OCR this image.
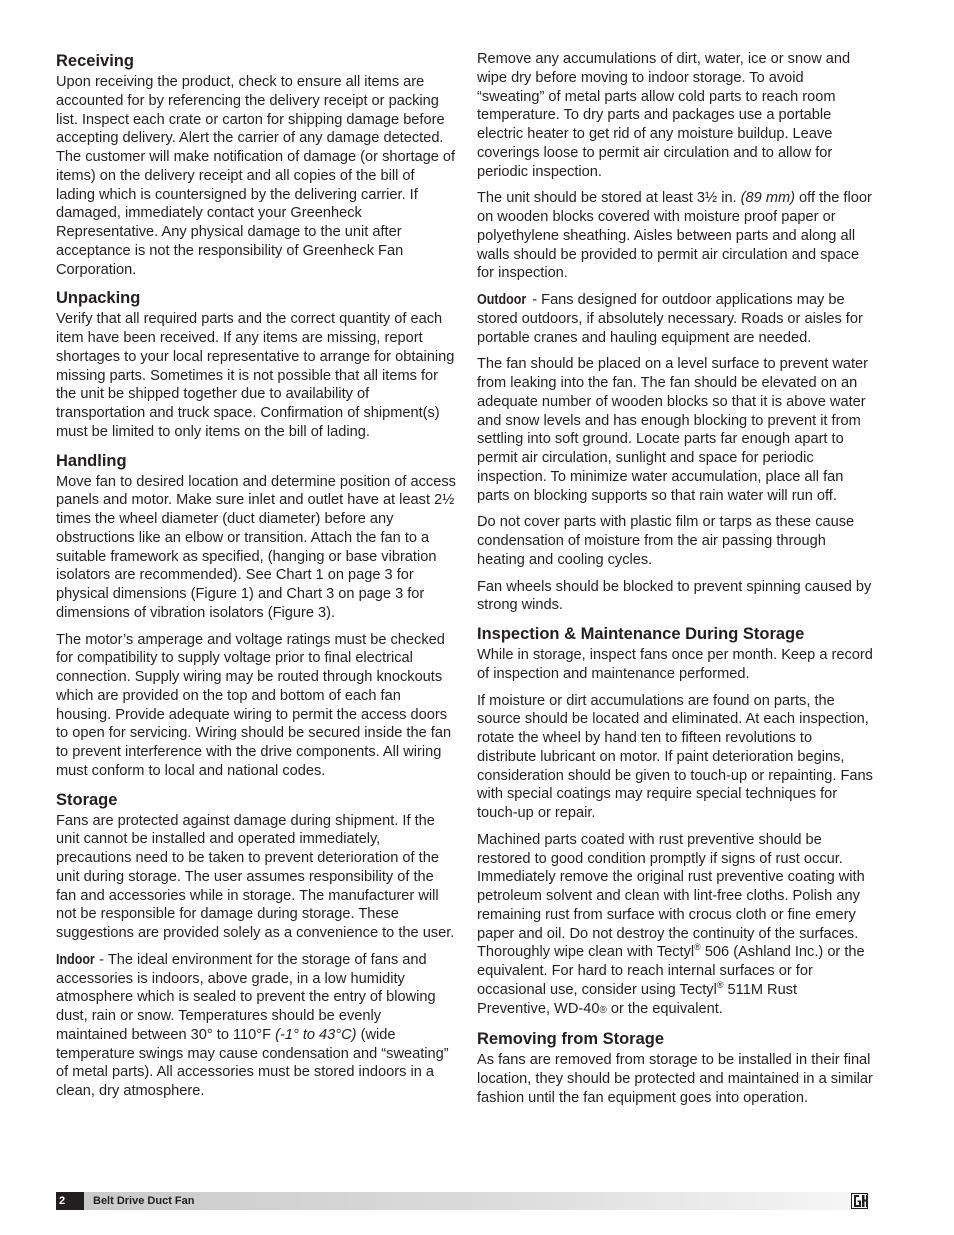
Receiving

Upon receiving the product, check to ensure all items are accounted for by referencing the delivery receipt or packing list. Inspect each crate or carton for shipping damage before accepting delivery. Alert the carrier of any damage detected. The customer will make notification of damage (or shortage of items) on the delivery receipt and all copies of the bill of lading which is countersigned by the delivering carrier. If damaged, immediately contact your Greenheck Representative. Any physical damage to the unit after acceptance is not the responsibility of Greenheck Fan Corporation.

Unpacking

Verify that all required parts and the correct quantity of each item have been received. If any items are missing, report shortages to your local representative to arrange for obtaining missing parts. Sometimes it is not possible that all items for the unit be shipped together due to availability of transportation and truck space. Confirmation of shipment(s) must be limited to only items on the bill of lading.

Handling

Move fan to desired location and determine position of access panels and motor. Make sure inlet and outlet have at least 2½ times the wheel diameter (duct diameter) before any obstructions like an elbow or transition. Attach the fan to a suitable framework as specified, (hanging or base vibration isolators are recommended). See Chart 1 on page 3 for physical dimensions (Figure 1) and Chart 3 on page 3 for dimensions of vibration isolators (Figure 3).

The motor’s amperage and voltage ratings must be checked for compatibility to supply voltage prior to final electrical connection. Supply wiring may be routed through knockouts which are provided on the top and bottom of each fan housing. Provide adequate wiring to permit the access doors to open for servicing. Wiring should be secured inside the fan to prevent interference with the drive components. All wiring must conform to local and national codes.

Storage

Fans are protected against damage during shipment. If the unit cannot be installed and operated immediately, precautions need to be taken to prevent deterioration of the unit during storage. The user assumes responsibility of the fan and accessories while in storage. The manufacturer will not be responsible for damage during storage. These suggestions are provided solely as a convenience to the user.

Indoor - The ideal environment for the storage of fans and accessories is indoors, above grade, in a low humidity atmosphere which is sealed to prevent the entry of blowing dust, rain or snow. Temperatures should be evenly maintained between 30° to 110°F (-1° to 43°C) (wide temperature swings may cause condensation and “sweating” of metal parts). All accessories must be stored indoors in a clean, dry atmosphere.

Remove any accumulations of dirt, water, ice or snow and wipe dry before moving to indoor storage. To avoid “sweating” of metal parts allow cold parts to reach room temperature. To dry parts and packages use a portable electric heater to get rid of any moisture buildup. Leave coverings loose to permit air circulation and to allow for periodic inspection.

The unit should be stored at least 3½ in. (89 mm) off the floor on wooden blocks covered with moisture proof paper or polyethylene sheathing. Aisles between parts and along all walls should be provided to permit air circulation and space for inspection.

Outdoor - Fans designed for outdoor applications may be stored outdoors, if absolutely necessary. Roads or aisles for portable cranes and hauling equipment are needed.

The fan should be placed on a level surface to prevent water from leaking into the fan. The fan should be elevated on an adequate number of wooden blocks so that it is above water and snow levels and has enough blocking to prevent it from settling into soft ground. Locate parts far enough apart to permit air circulation, sunlight and space for periodic inspection. To minimize water accumulation, place all fan parts on blocking supports so that rain water will run off.

Do not cover parts with plastic film or tarps as these cause condensation of moisture from the air passing through heating and cooling cycles.

Fan wheels should be blocked to prevent spinning caused by strong winds.

Inspection & Maintenance During Storage

While in storage, inspect fans once per month. Keep a record of inspection and maintenance performed.

If moisture or dirt accumulations are found on parts, the source should be located and eliminated. At each inspection, rotate the wheel by hand ten to fifteen revolutions to distribute lubricant on motor. If paint deterioration begins, consideration should be given to touch-up or repainting. Fans with special coatings may require special techniques for touch-up or repair.

Machined parts coated with rust preventive should be restored to good condition promptly if signs of rust occur. Immediately remove the original rust preventive coating with petroleum solvent and clean with lint-free cloths. Polish any remaining rust from surface with crocus cloth or fine emery paper and oil. Do not destroy the continuity of the surfaces. Thoroughly wipe clean with Tectyl® 506 (Ashland Inc.) or the equivalent. For hard to reach internal surfaces or for occasional use, consider using Tectyl® 511M Rust Preventive, WD-40® or the equivalent.

Removing from Storage

As fans are removed from storage to be installed in their final location, they should be protected and maintained in a similar fashion until the fan equipment goes into operation.

2	Belt Drive Duct Fan
